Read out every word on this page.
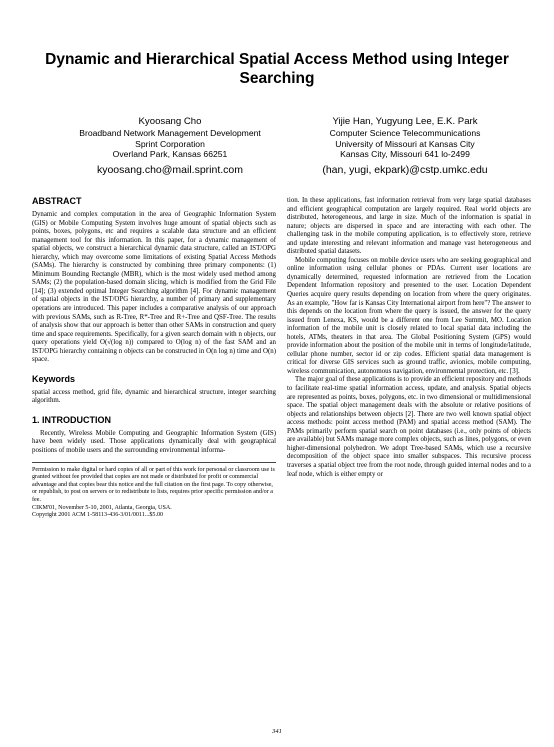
Dynamic and Hierarchical Spatial Access Method using Integer Searching
Kyoosang Cho
Broadband Network Management Development
Sprint Corporation
Overland Park, Kansas 66251
kyoosang.cho@mail.sprint.com
Yijie Han, Yugyung Lee, E.K. Park
Computer Science Telecommunications
University of Missouri at Kansas City
Kansas City, Missouri 641 lo-2499
(han, yugi, ekpark)@cstp.umkc.edu
ABSTRACT

Dynamic and complex computation in the area of Geographic Information System (GIS) or Mobile Computing System involves huge amount of spatial objects such as points, boxes, polygons, etc and requires a scalable data structure and an efficient management tool for this information. In this paper, for a dynamic management of spatial objects, we construct a hierarchical dynamic data structure, called an IST/OPG hierarchy, which may overcome some limitations of existing Spatial Access Methods (SAMs). The hierarchy is constructed by combining three primary components: (1) Minimum Bounding Rectangle (MBR), which is the most widely used method among SAMs; (2) the population-based domain slicing, which is modified from the Grid File [14]; (3) extended optimal Integer Searching algorithm [4]. For dynamic management of spatial objects in the IST/OPG hierarchy, a number of primary and supplementary operations are introduced. This paper includes a comparative analysis of our approach with previous SAMs, such as R-Tree, R*-Tree and R+-Tree and QSF-Tree. The results of analysis show that our approach is better than other SAMs in construction and query time and space requirements. Specifically, for a given search domain with n objects, our query operations yield O(√(log n)) compared to O(log n) of the fast SAM and an IST/OPG hierarchy containing n objects can be constructed in O(n log n) time and O(n) space.

Keywords

spatial access method, grid file, dynamic and hierarchical structure, integer searching algorithm.

1. INTRODUCTION

Recently, Wireless Mobile Computing and Geographic Information System (GIS) have been widely used. Those applications dynamically deal with geographical positions of mobile users and the surrounding environmental informa-

Permission to make digital or hard copies of all or part of this work for personal or classroom use is granted without fee provided that copies are not made or distributed for profit or commercial advantage and that copies bear this notice and the full citation on the first page. To copy otherwise, or republish, to post on servers or to redistribute to lists, requires prior specific permission and/or a fee.
CIKM'01, November 5-10, 2001, Atlanta, Georgia, USA.
Copyright 2001 ACM 1-58113-436-3/01/0011...$5.00

tion. In these applications, fast information retrieval from very large spatial databases and efficient geographical computation are largely required. Real world objects are distributed, heterogeneous, and large in size. Much of the information is spatial in nature; objects are dispersed in space and are interacting with each other. The challenging task in the mobile computing application, is to effectively store, retrieve and update interesting and relevant information and manage vast heterogeneous and distributed spatial datasets.

Mobile computing focuses on mobile device users who are seeking geographical and online information using cellular phones or PDAs. Current user locations are dynamically determined, requested information are retrieved from the Location Dependent Information repository and presented to the user. Location Dependent Queries acquire query results depending on location from where the query originates. As an example, "How far is Kansas City International airport from here"? The answer to this depends on the location from where the query is issued, the answer for the query issued from Lenexa, KS, would be a different one from Lee Summit, MO. Location information of the mobile unit is closely related to local spatial data including the hotels, ATMs, theaters in that area. The Global Positioning System (GPS) would provide information about the position of the mobile unit in terms of longitude/latitude, cellular phone number, sector id or zip codes. Efficient spatial data management is critical for diverse GIS services such as ground traffic, avionics, mobile computing, wireless communication, autonomous navigation, environmental protection, etc. [3].

The major goal of these applications is to provide an efficient repository and methods to facilitate real-time spatial information access, update, and analysis. Spatial objects are represented as points, boxes, polygons, etc. in two dimensional or multidimensional space. The spatial object management deals with the absolute or relative positions of objects and relationships between objects [2]. There are two well known spatial object access methods: point access method (PAM) and spatial access method (SAM). The PAMs primarily perform spatial search on point databases (i.e., only points of objects are available) but SAMs manage more complex objects, such as lines, polygons, or even higher-dimensional polyhedron. We adopt Tree-based SAMs, which use a recursive decomposition of the object space into smaller subspaces. This recursive process traverses a spatial object tree from the root node, through guided internal nodes and to a leaf node, which is either empty or

341
